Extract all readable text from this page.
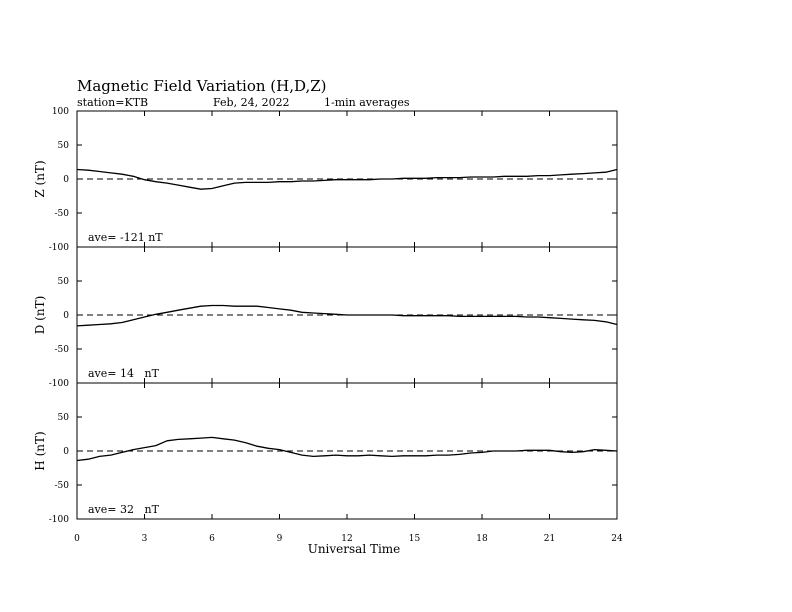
Magnetic Field Variation (H,D,Z)
station=KTB	Feb, 24, 2022	1-min averages
100
50
0
-50
-100
Z (nT)
ave= -121 nT
50
0
-50
-100
D (nT)
ave= 14   nT
50
0
-50
-100
H (nT)
ave= 32   nT
0	3	6	9	12	15	18	21	24
Universal Time
